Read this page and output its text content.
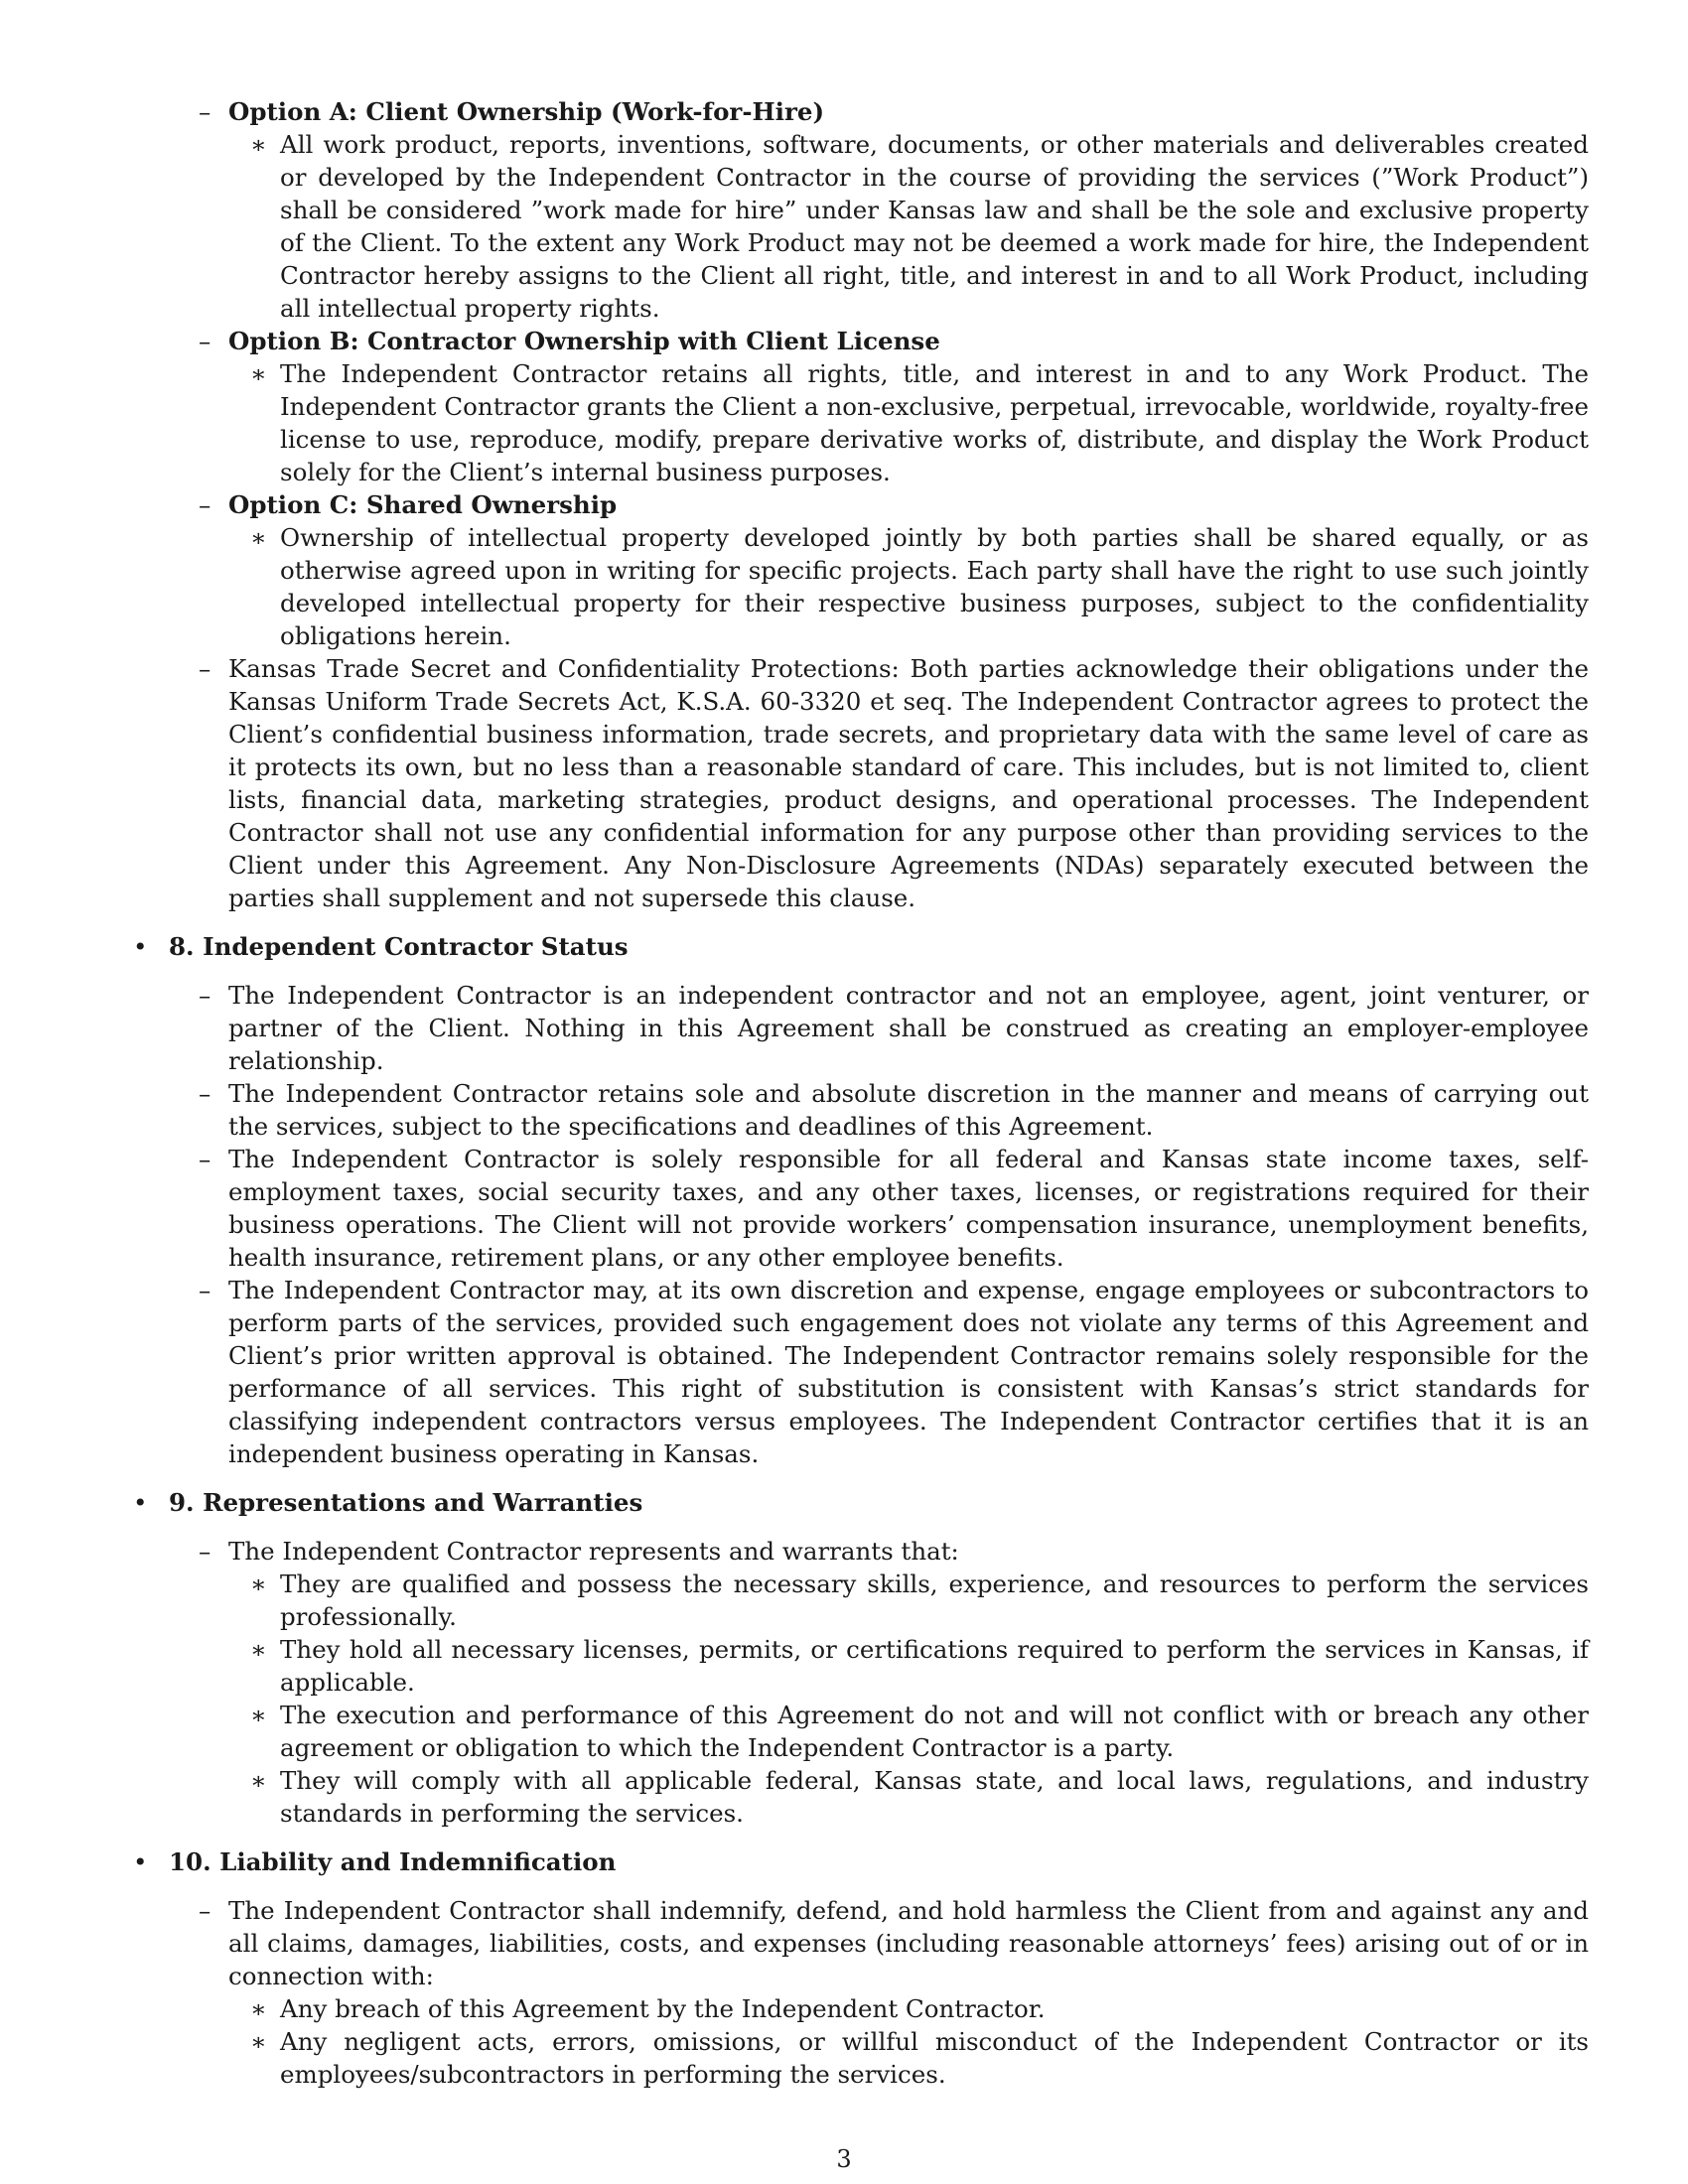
– Option A: Client Ownership (Work-for-Hire)
∗ All work product, reports, inventions, software, documents, or other materials and deliverables created or developed by the Independent Contractor in the course of providing the services (”Work Product”) shall be considered ”work made for hire” under Kansas law and shall be the sole and exclusive property of the Client. To the extent any Work Product may not be deemed a work made for hire, the Independent Contractor hereby assigns to the Client all right, title, and interest in and to all Work Product, including all intellectual property rights.
– Option B: Contractor Ownership with Client License
∗ The Independent Contractor retains all rights, title, and interest in and to any Work Product. The Independent Contractor grants the Client a non-exclusive, perpetual, irrevocable, worldwide, royalty-free license to use, reproduce, modify, prepare derivative works of, distribute, and display the Work Product solely for the Client’s internal business purposes.
– Option C: Shared Ownership
∗ Ownership of intellectual property developed jointly by both parties shall be shared equally, or as otherwise agreed upon in writing for specific projects. Each party shall have the right to use such jointly developed intellectual property for their respective business purposes, subject to the confidentiality obligations herein.
– Kansas Trade Secret and Confidentiality Protections: Both parties acknowledge their obligations under the Kansas Uniform Trade Secrets Act, K.S.A. 60-3320 et seq. The Independent Contractor agrees to protect the Client’s confidential business information, trade secrets, and proprietary data with the same level of care as it protects its own, but no less than a reasonable standard of care. This includes, but is not limited to, client lists, financial data, marketing strategies, product designs, and operational processes. The Independent Contractor shall not use any confidential information for any purpose other than providing services to the Client under this Agreement. Any Non-Disclosure Agreements (NDAs) separately executed between the parties shall supplement and not supersede this clause.
• 8. Independent Contractor Status
– The Independent Contractor is an independent contractor and not an employee, agent, joint venturer, or partner of the Client. Nothing in this Agreement shall be construed as creating an employer-employee relationship.
– The Independent Contractor retains sole and absolute discretion in the manner and means of carrying out the services, subject to the specifications and deadlines of this Agreement.
– The Independent Contractor is solely responsible for all federal and Kansas state income taxes, self-employment taxes, social security taxes, and any other taxes, licenses, or registrations required for their business operations. The Client will not provide workers’ compensation insurance, unemployment benefits, health insurance, retirement plans, or any other employee benefits.
– The Independent Contractor may, at its own discretion and expense, engage employees or subcontractors to perform parts of the services, provided such engagement does not violate any terms of this Agreement and Client’s prior written approval is obtained. The Independent Contractor remains solely responsible for the performance of all services. This right of substitution is consistent with Kansas’s strict standards for classifying independent contractors versus employees. The Independent Contractor certifies that it is an independent business operating in Kansas.
• 9. Representations and Warranties
– The Independent Contractor represents and warrants that:
∗ They are qualified and possess the necessary skills, experience, and resources to perform the services professionally.
∗ They hold all necessary licenses, permits, or certifications required to perform the services in Kansas, if applicable.
∗ The execution and performance of this Agreement do not and will not conflict with or breach any other agreement or obligation to which the Independent Contractor is a party.
∗ They will comply with all applicable federal, Kansas state, and local laws, regulations, and industry standards in performing the services.
• 10. Liability and Indemnification
– The Independent Contractor shall indemnify, defend, and hold harmless the Client from and against any and all claims, damages, liabilities, costs, and expenses (including reasonable attorneys’ fees) arising out of or in connection with:
∗ Any breach of this Agreement by the Independent Contractor.
∗ Any negligent acts, errors, omissions, or willful misconduct of the Independent Contractor or its employees/subcontractors in performing the services.
3
